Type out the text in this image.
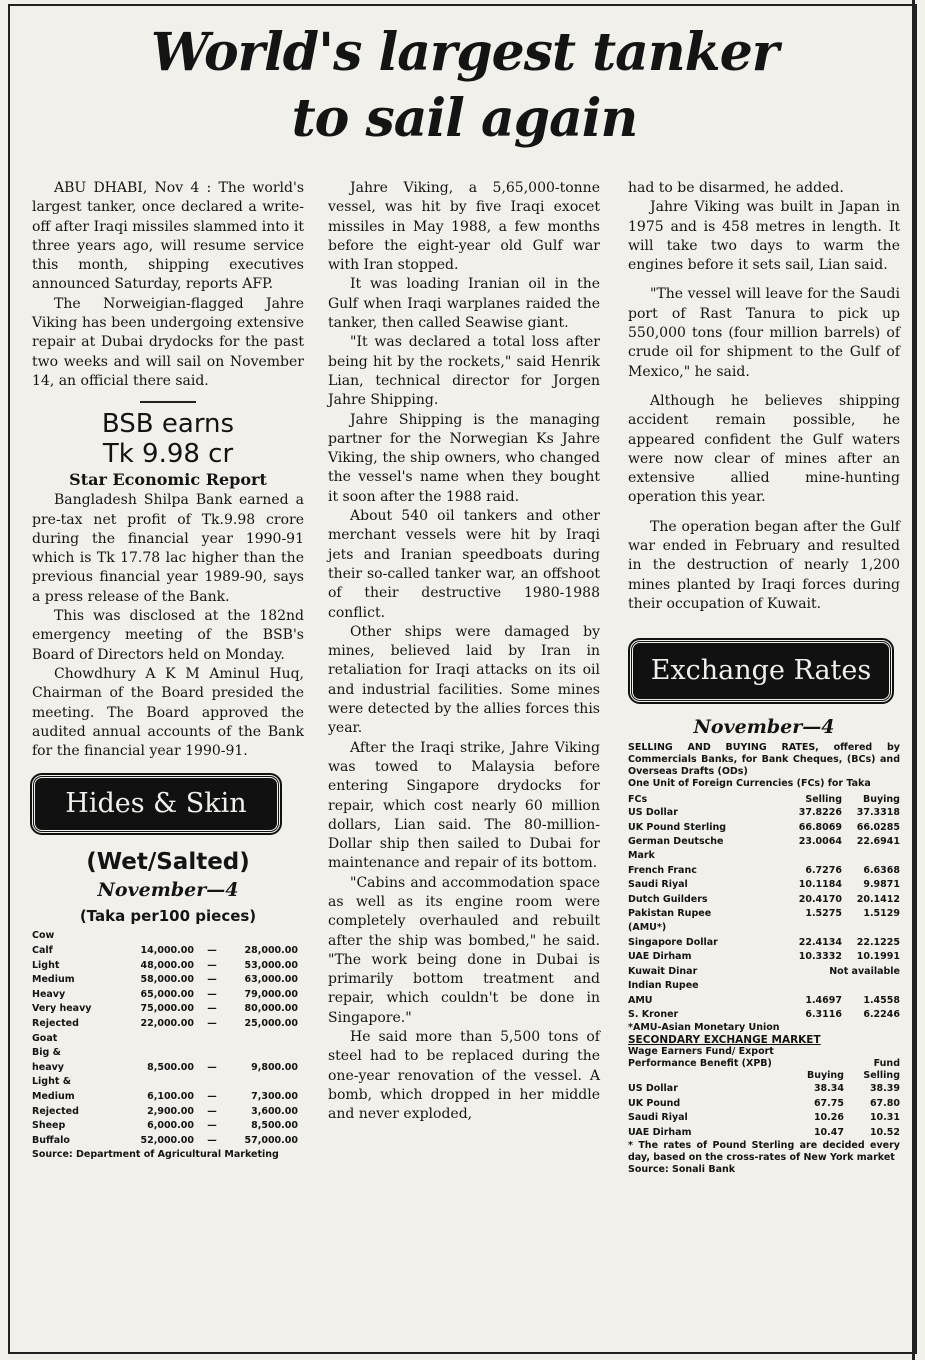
World's largest tanker
to sail again

ABU DHABI, Nov 4 : The world's largest tanker, once declared a write-off after Iraqi missiles slammed into it three years ago, will resume service this month, shipping executives announced Saturday, reports AFP.

The Norweigian-flagged Jahre Viking has been undergoing extensive repair at Dubai drydocks for the past two weeks and will sail on November 14, an official there said.

BSB earns
Tk 9.98 cr
Star Economic Report

Bangladesh Shilpa Bank earned a pre-tax net profit of Tk.9.98 crore during the financial year 1990-91 which is Tk 17.78 lac higher than the previous financial year 1989-90, says a press release of the Bank.

This was disclosed at the 182nd emergency meeting of the BSB's Board of Directors held on Monday.

Chowdhury A K M Aminul Huq, Chairman of the Board presided the meeting. The Board approved the audited annual accounts of the Bank for the financial year 1990-91.

Hides & Skin
(Wet/Salted)
November—4
(Taka per100 pieces)
Cow
Calf	14,000.00	—	28,000.00
Light	48,000.00	—	53,000.00
Medium	58,000.00	—	63,000.00
Heavy	65,000.00	—	79,000.00
Very heavy	75,000.00	—	80,000.00
Rejected	22,000.00	—	25,000.00
Goat
Big &
heavy	8,500.00	—	9,800.00
Light &
Medium	6,100.00	—	7,300.00
Rejected	2,900.00	—	3,600.00
Sheep	6,000.00	—	8,500.00
Buffalo	52,000.00	—	57,000.00
Source: Department of Agricultural Marketing

Jahre Viking, a 5,65,000-tonne vessel, was hit by five Iraqi exocet missiles in May 1988, a few months before the eight-year old Gulf war with Iran stopped.

It was loading Iranian oil in the Gulf when Iraqi warplanes raided the tanker, then called Seawise giant.

"It was declared a total loss after being hit by the rockets," said Henrik Lian, technical director for Jorgen Jahre Shipping.

Jahre Shipping is the managing partner for the Norwegian Ks Jahre Viking, the ship owners, who changed the vessel's name when they bought it soon after the 1988 raid.

About 540 oil tankers and other merchant vessels were hit by Iraqi jets and Iranian speedboats during their so-called tanker war, an offshoot of their destructive 1980-1988 conflict.

Other ships were damaged by mines, believed laid by Iran in retaliation for Iraqi attacks on its oil and industrial facilities. Some mines were detected by the allies forces this year.

After the Iraqi strike, Jahre Viking was towed to Malaysia before entering Singapore drydocks for repair, which cost nearly 60 million dollars, Lian said. The 80-million-Dollar ship then sailed to Dubai for maintenance and repair of its bottom.

"Cabins and accommodation space as well as its engine room were completely overhauled and rebuilt after the ship was bombed," he said. "The work being done in Dubai is primarily bottom treatment and repair, which couldn't be done in Singapore."

He said more than 5,500 tons of steel had to be replaced during the one-year renovation of the vessel. A bomb, which dropped in her middle and never exploded,

had to be disarmed, he added.

Jahre Viking was built in Japan in 1975 and is 458 metres in length. It will take two days to warm the engines before it sets sail, Lian said.

"The vessel will leave for the Saudi port of Rast Tanura to pick up 550,000 tons (four million barrels) of crude oil for shipment to the Gulf of Mexico," he said.

Although he believes shipping accident remain possible, he appeared confident the Gulf waters were now clear of mines after an extensive allied mine-hunting operation this year.

The operation began after the Gulf war ended in February and resulted in the destruction of nearly 1,200 mines planted by Iraqi forces during their occupation of Kuwait.

Exchange Rates
November—4
SELLING AND BUYING RATES, offered by Commercials Banks, for Bank Cheques, (BCs) and Overseas Drafts (ODs)
One Unit of Foreign Currencies (FCs) for Taka
FCs	Selling	Buying
US Dollar	37.8226	37.3318
UK Pound Sterling	66.8069	66.0285
German Deutsche	23.0064	22.6941
Mark
French Franc	6.7276	6.6368
Saudi Riyal	10.1184	9.9871
Dutch Guilders	20.4170	20.1412
Pakistan Rupee	1.5275	1.5129
(AMU*)
Singapore Dollar	22.4134	22.1225
UAE Dirham	10.3332	10.1991
Kuwait Dinar	Not available
Indian Rupee
AMU	1.4697	1.4558
S. Kroner	6.3116	6.2246
*AMU-Asian Monetary Union
SECONDARY EXCHANGE MARKET
Wage Earners Fund/ Export
Performance Benefit (XPB)	Fund
Buying	Selling
US Dollar	38.34	38.39
UK Pound	67.75	67.80
Saudi Riyal	10.26	10.31
UAE Dirham	10.47	10.52
* The rates of Pound Sterling are decided every day, based on the cross-rates of New York market
Source: Sonali Bank
